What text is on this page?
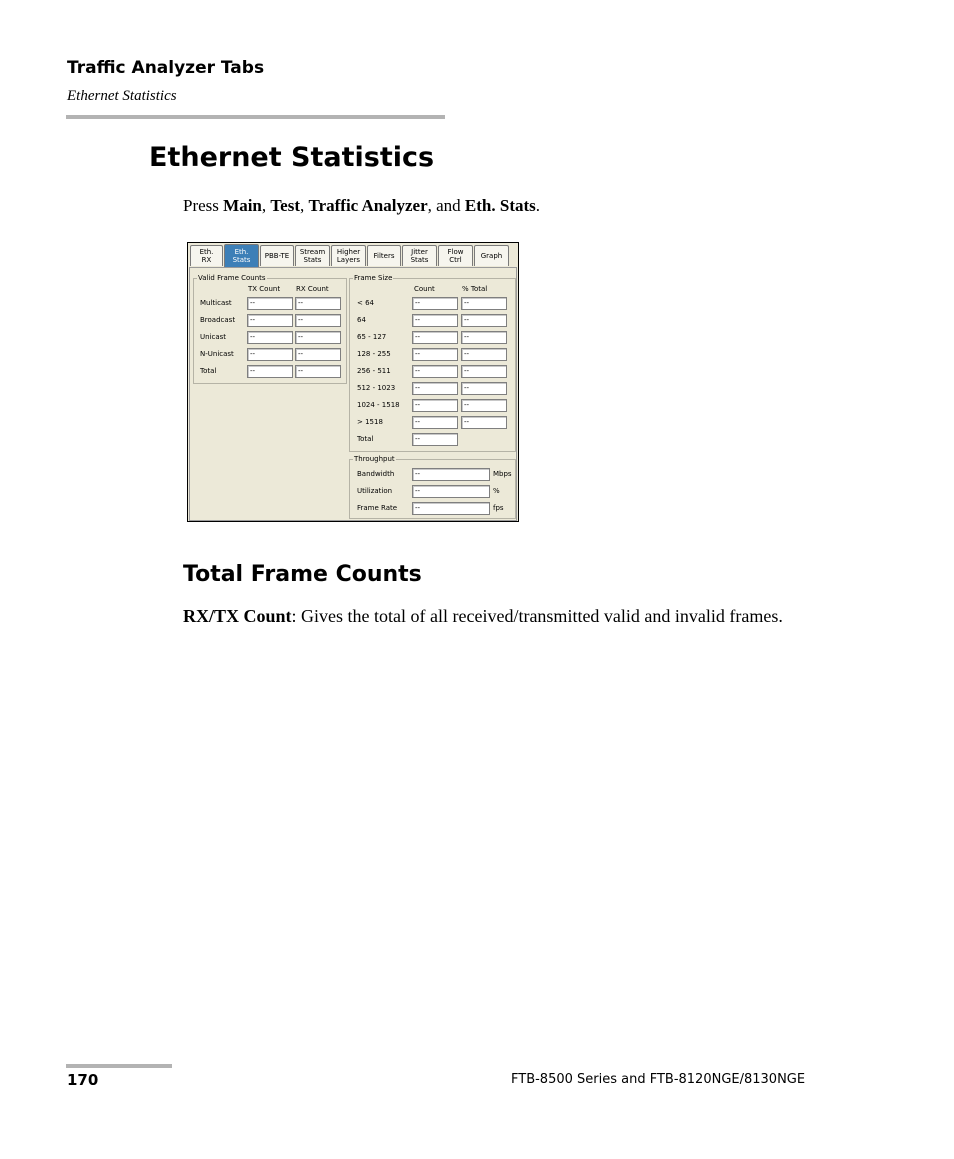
Traffic Analyzer Tabs
Ethernet Statistics
Ethernet Statistics
Press Main, Test, Traffic Analyzer, and Eth. Stats.
Eth.
RX
Eth.
Stats	PBB-TE	Stream
Stats
Higher
Layers	Filters	Jitter
Stats
Flow
Ctrl	Graph
Valid Frame Counts
TX Count RX Count
Multicast	--	--
Broadcast	--	--
Unicast	--	--
N-Unicast	--	--
Total	--	--
Frame Size
Count	% Total
< 64	--	--
64	--	--
65 - 127	--	--
128 - 255	--	--
256 - 511	--	--
512 - 1023	--	--
1024 - 1518	--	--
> 1518	--	--
Total	--
Throughput
Bandwidth	--	Mbps
Utilization	--	%
Frame Rate	--	fps
Total Frame Counts
RX/TX Count: Gives the total of all received/transmitted valid and invalid frames.
170	FTB-8500 Series and FTB-8120NGE/8130NGE
